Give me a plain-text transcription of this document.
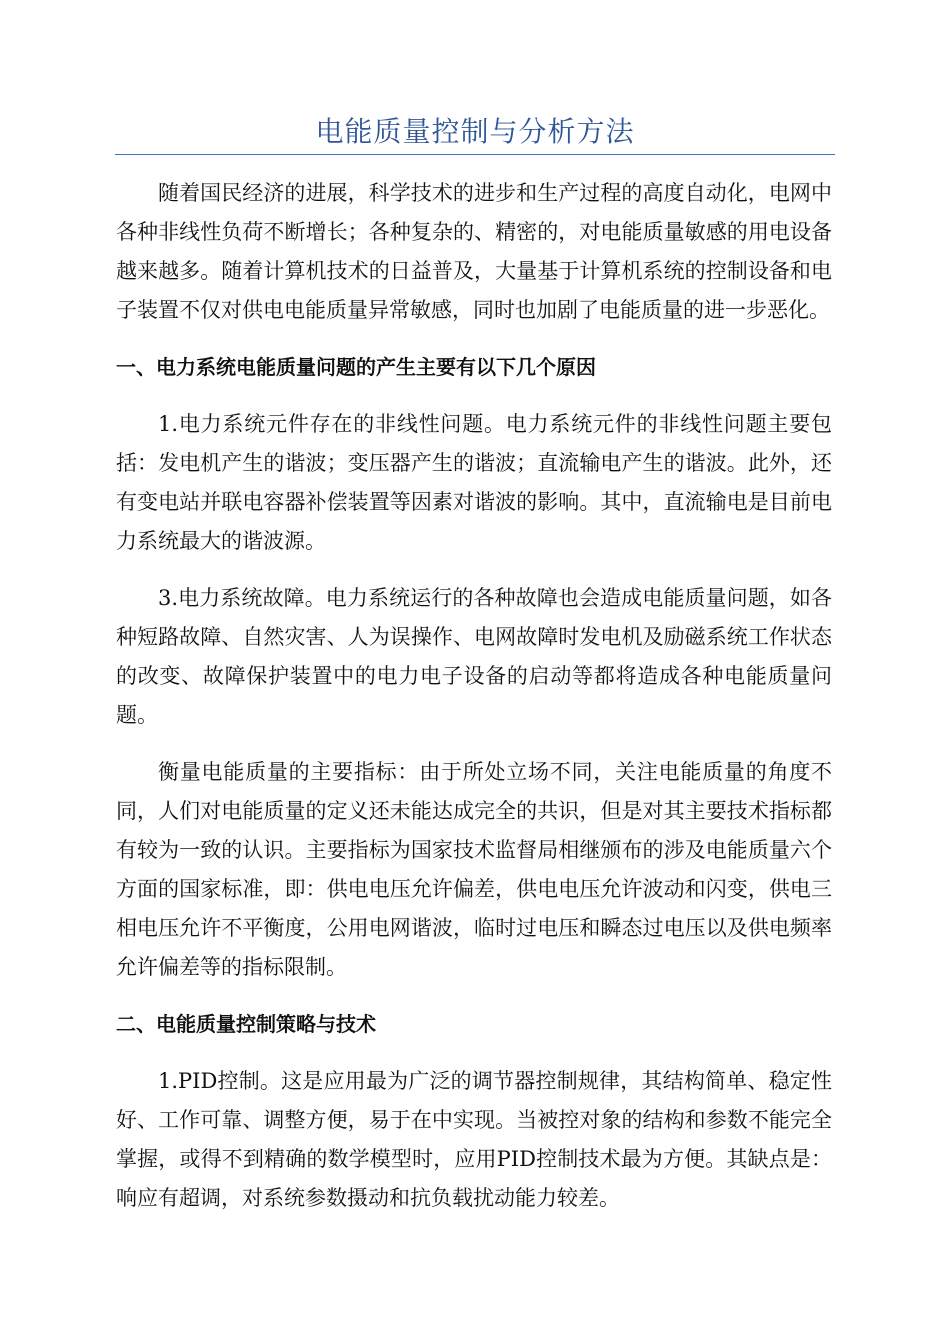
电能质量控制与分析方法

随着国民经济的进展，科学技术的进步和生产过程的高度自动化，电网中各种非线性负荷不断增长；各种复杂的、精密的，对电能质量敏感的用电设备越来越多。随着计算机技术的日益普及，大量基于计算机系统的控制设备和电子装置不仅对供电电能质量异常敏感，同时也加剧了电能质量的进一步恶化。

一、电力系统电能质量问题的产生主要有以下几个原因

1.电力系统元件存在的非线性问题。电力系统元件的非线性问题主要包括：发电机产生的谐波；变压器产生的谐波；直流输电产生的谐波。此外，还有变电站并联电容器补偿装置等因素对谐波的影响。其中，直流输电是目前电力系统最大的谐波源。

3.电力系统故障。电力系统运行的各种故障也会造成电能质量问题，如各种短路故障、自然灾害、人为误操作、电网故障时发电机及励磁系统工作状态的改变、故障保护装置中的电力电子设备的启动等都将造成各种电能质量问题。

衡量电能质量的主要指标：由于所处立场不同，关注电能质量的角度不同，人们对电能质量的定义还未能达成完全的共识，但是对其主要技术指标都有较为一致的认识。主要指标为国家技术监督局相继颁布的涉及电能质量六个方面的国家标准，即：供电电压允许偏差，供电电压允许波动和闪变，供电三相电压允许不平衡度，公用电网谐波，临时过电压和瞬态过电压以及供电频率允许偏差等的指标限制。

二、电能质量控制策略与技术

1.PID控制。这是应用最为广泛的调节器控制规律，其结构简单、稳定性好、工作可靠、调整方便，易于在中实现。当被控对象的结构和参数不能完全掌握，或得不到精确的数学模型时，应用PID控制技术最为方便。其缺点是：响应有超调，对系统参数摄动和抗负载扰动能力较差。
